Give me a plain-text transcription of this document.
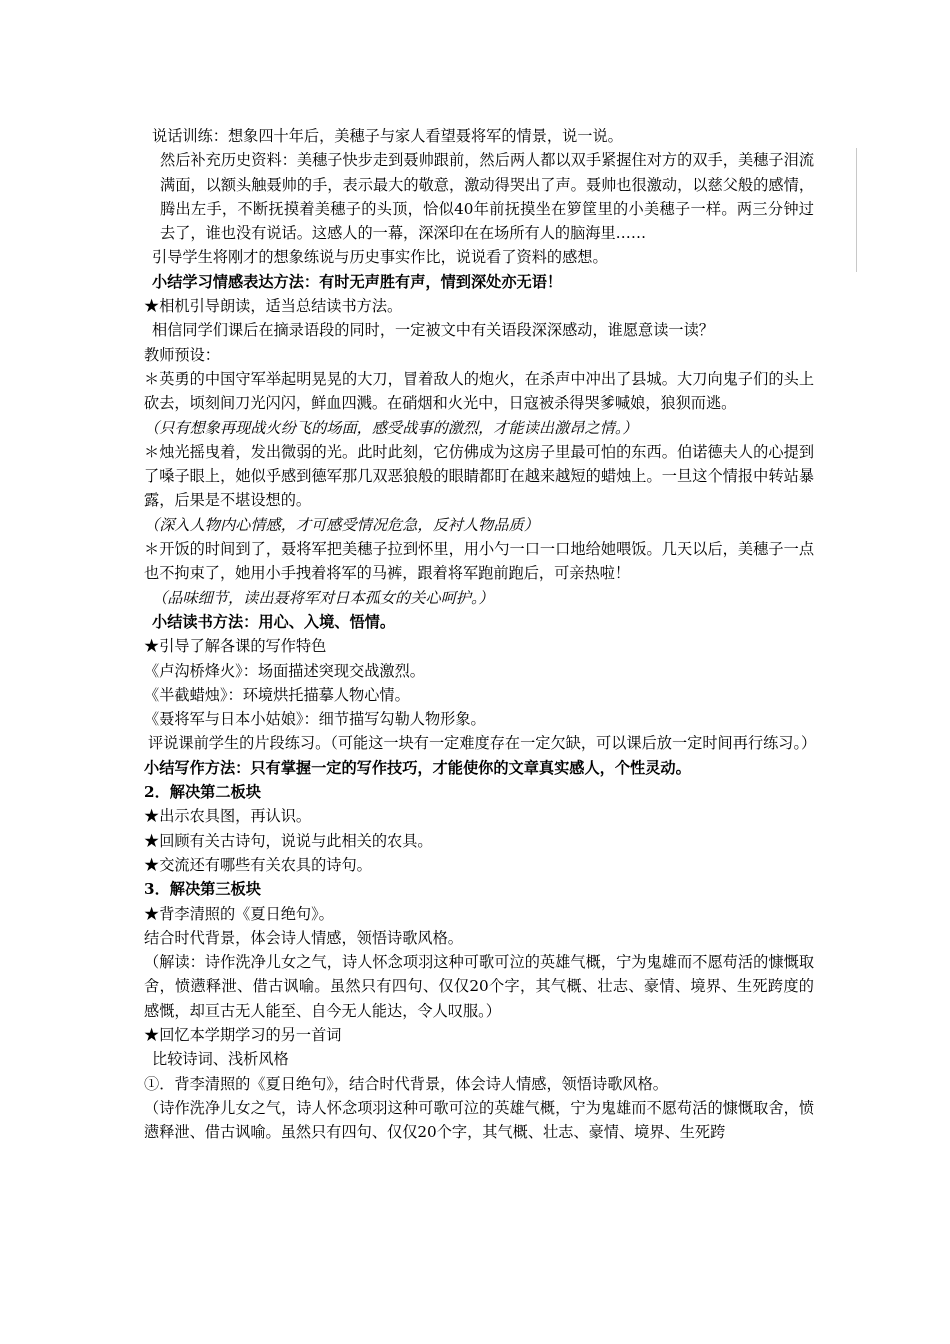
说话训练：想象四十年后，美穗子与家人看望聂将军的情景，说一说。

然后补充历史资料：美穗子快步走到聂帅跟前，然后两人都以双手紧握住对方的双手，美穗子泪流满面，以额头触聂帅的手，表示最大的敬意，激动得哭出了声。聂帅也很激动，以慈父般的感情，腾出左手，不断抚摸着美穗子的头顶，恰似40年前抚摸坐在箩筐里的小美穗子一样。两三分钟过去了，谁也没有说话。这感人的一幕，深深印在在场所有人的脑海里……

引导学生将刚才的想象练说与历史事实作比，说说看了资料的感想。

小结学习情感表达方法：有时无声胜有声，情到深处亦无语！

★相机引导朗读，适当总结读书方法。

相信同学们课后在摘录语段的同时，一定被文中有关语段深深感动，谁愿意读一读？

教师预设：

＊英勇的中国守军举起明晃晃的大刀，冒着敌人的炮火，在杀声中冲出了县城。大刀向鬼子们的头上砍去，顷刻间刀光闪闪，鲜血四溅。在硝烟和火光中，日寇被杀得哭爹喊娘，狼狈而逃。

（只有想象再现战火纷飞的场面，感受战事的激烈，才能读出激昂之情。）

＊烛光摇曳着，发出微弱的光。此时此刻，它仿佛成为这房子里最可怕的东西。伯诺德夫人的心提到了嗓子眼上，她似乎感到德军那几双恶狼般的眼睛都盯在越来越短的蜡烛上。一旦这个情报中转站暴露，后果是不堪设想的。

（深入人物内心情感，才可感受情况危急，反衬人物品质）

＊开饭的时间到了，聂将军把美穗子拉到怀里，用小勺一口一口地给她喂饭。几天以后，美穗子一点也不拘束了，她用小手拽着将军的马裤，跟着将军跑前跑后，可亲热啦！

（品味细节，读出聂将军对日本孤女的关心呵护。）

小结读书方法：用心、入境、悟情。

★引导了解各课的写作特色

《卢沟桥烽火》：场面描述突现交战激烈。

《半截蜡烛》：环境烘托描摹人物心情。

《聂将军与日本小姑娘》：细节描写勾勒人物形象。

评说课前学生的片段练习。（可能这一块有一定难度存在一定欠缺，可以课后放一定时间再行练习。）

小结写作方法：只有掌握一定的写作技巧，才能使你的文章真实感人，个性灵动。

2．解决第二板块

★出示农具图，再认识。

★回顾有关古诗句，说说与此相关的农具。

★交流还有哪些有关农具的诗句。

3．解决第三板块

★背李清照的《夏日绝句》。

结合时代背景，体会诗人情感，领悟诗歌风格。

（解读：诗作洗净儿女之气，诗人怀念项羽这种可歌可泣的英雄气概，宁为鬼雄而不愿苟活的慷慨取舍，愤懑释泄、借古讽喻。虽然只有四句、仅仅20个字，其气概、壮志、豪情、境界、生死跨度的感慨，却亘古无人能至、自今无人能达，令人叹服。）

★回忆本学期学习的另一首词

比较诗词、浅析风格

①．背李清照的《夏日绝句》，结合时代背景，体会诗人情感，领悟诗歌风格。

（诗作洗净儿女之气，诗人怀念项羽这种可歌可泣的英雄气概，宁为鬼雄而不愿苟活的慷慨取舍，愤懑释泄、借古讽喻。虽然只有四句、仅仅20个字，其气概、壮志、豪情、境界、生死跨
